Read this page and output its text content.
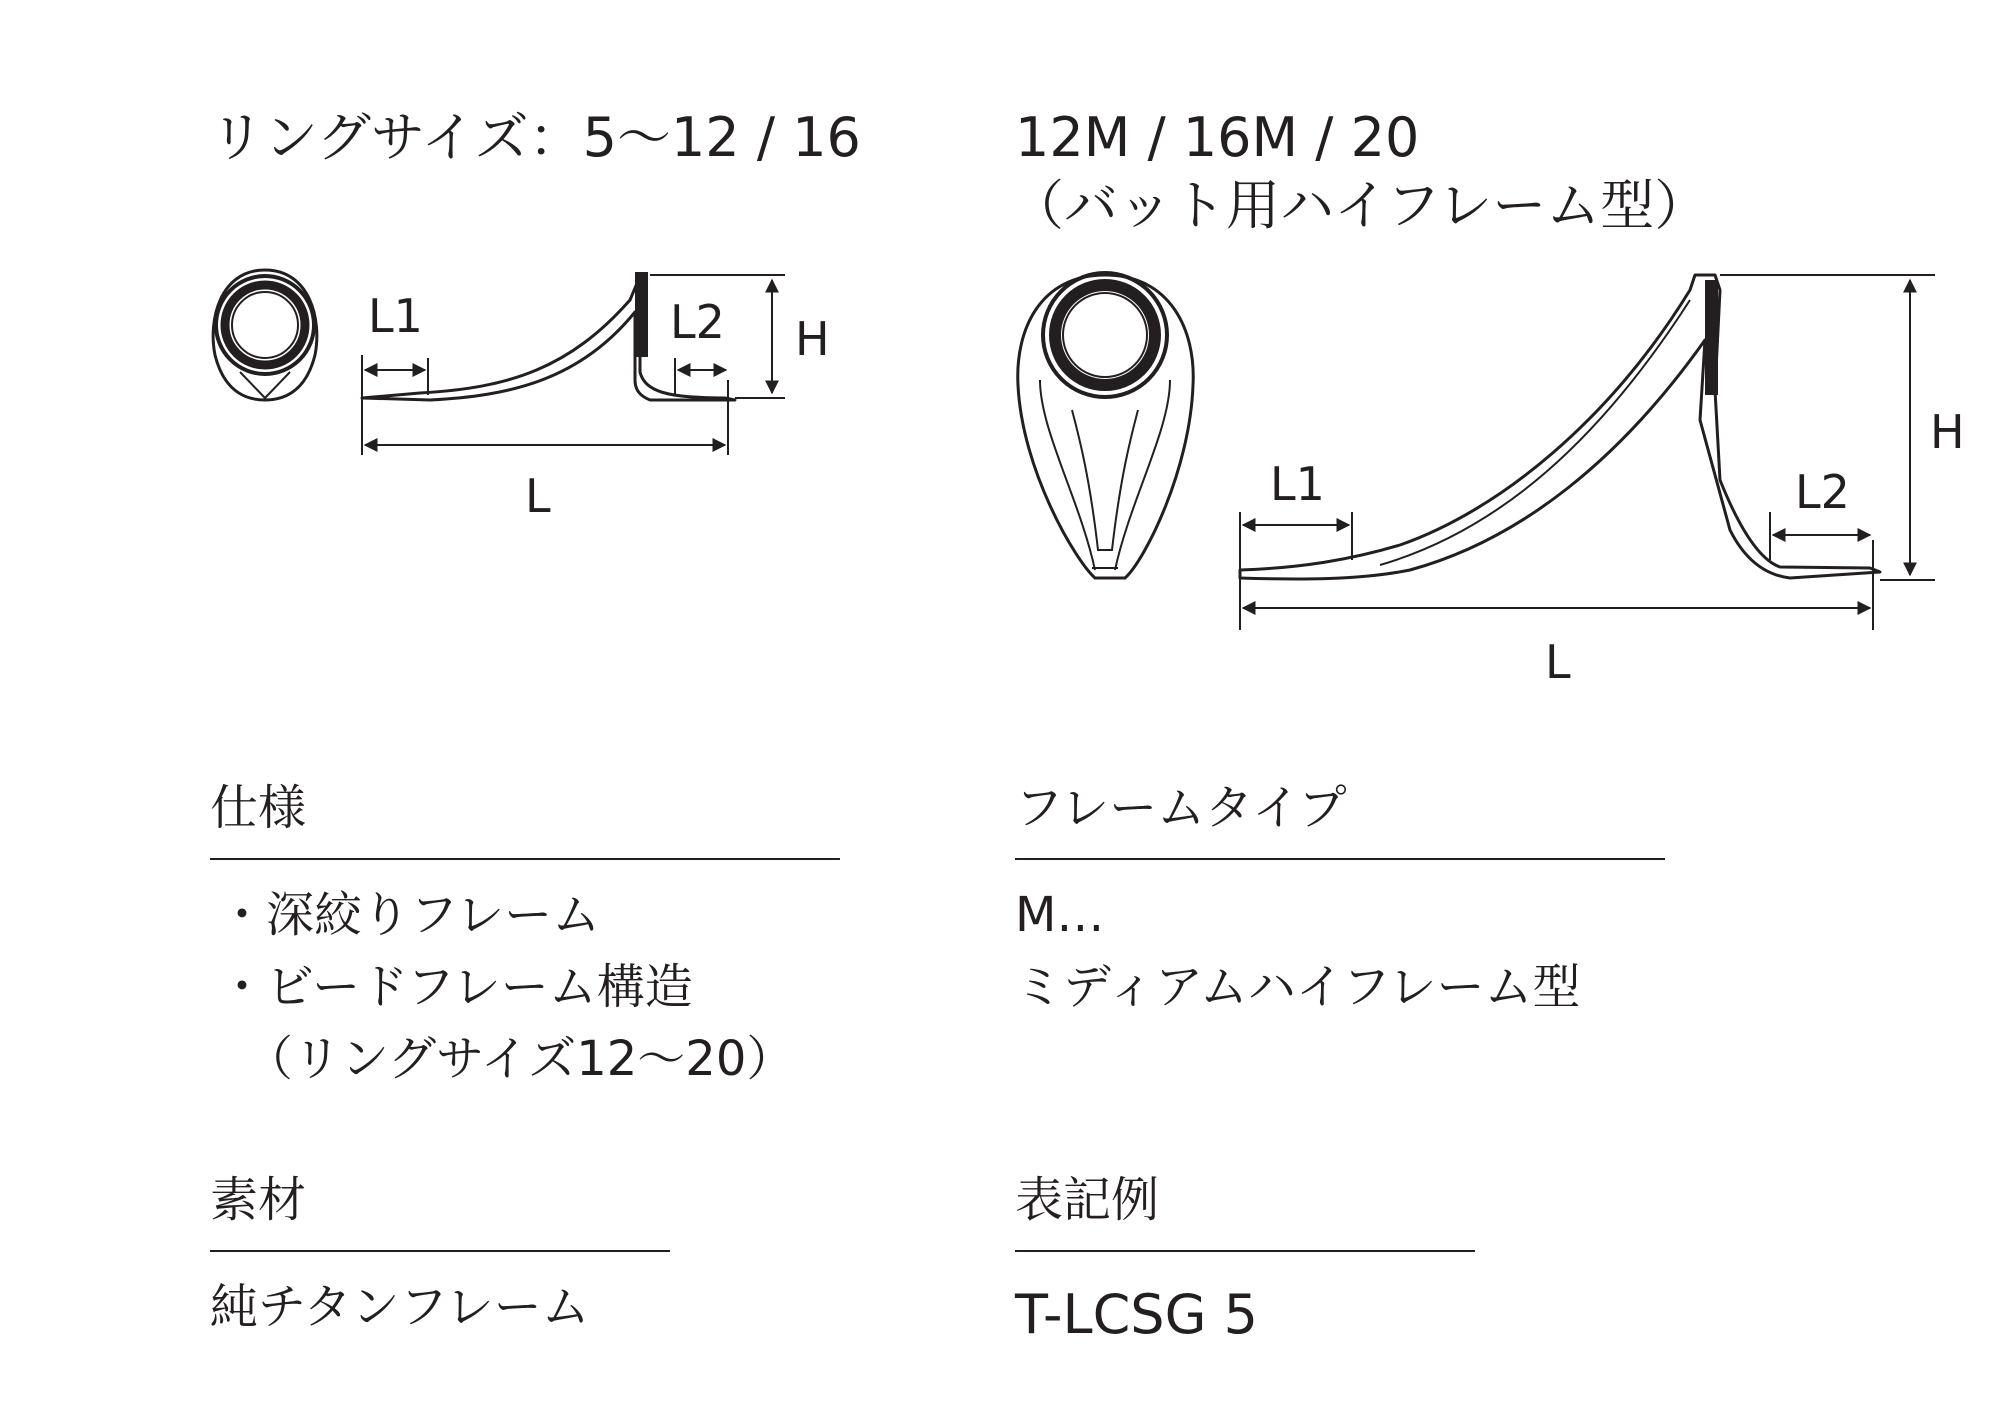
リングサイズ：5〜12 / 16	12M / 16M / 20
（バット用ハイフレーム型）
L1	L2 H
L	L1	L2
H
L
仕様
・深絞りフレーム
・ビードフレーム構造
（リングサイズ12〜20）
フレームタイプ
M…
ミディアムハイフレーム型
素材
純チタンフレーム
表記例
T-LCSG 5
